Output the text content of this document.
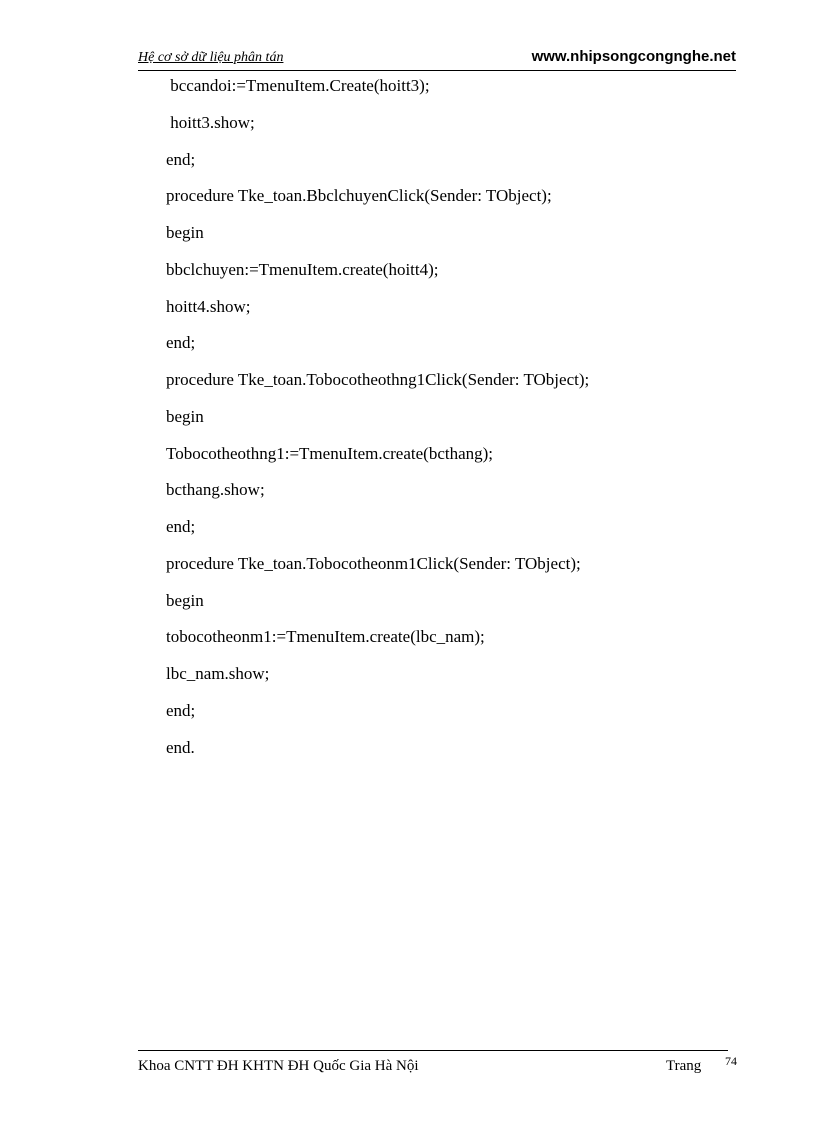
Hệ cơ sở dữ liệu phân tán	www.nhipsongcongnghe.net
bccandoi:=TmenuItem.Create(hoitt3);
hoitt3.show;
end;
procedure Tke_toan.BbclchuyenClick(Sender: TObject);
begin
bbclchuyen:=TmenuItem.create(hoitt4);
hoitt4.show;
end;
procedure Tke_toan.Tobocotheothng1Click(Sender: TObject);
begin
Tobocotheothng1:=TmenuItem.create(bcthang);
bcthang.show;
end;
procedure Tke_toan.Tobocotheonm1Click(Sender: TObject);
begin
tobocotheonm1:=TmenuItem.create(lbc_nam);
lbc_nam.show;
end;
end.
Khoa CNTT ĐH KHTN ĐH Quốc Gia Hà Nội	Trang 74
